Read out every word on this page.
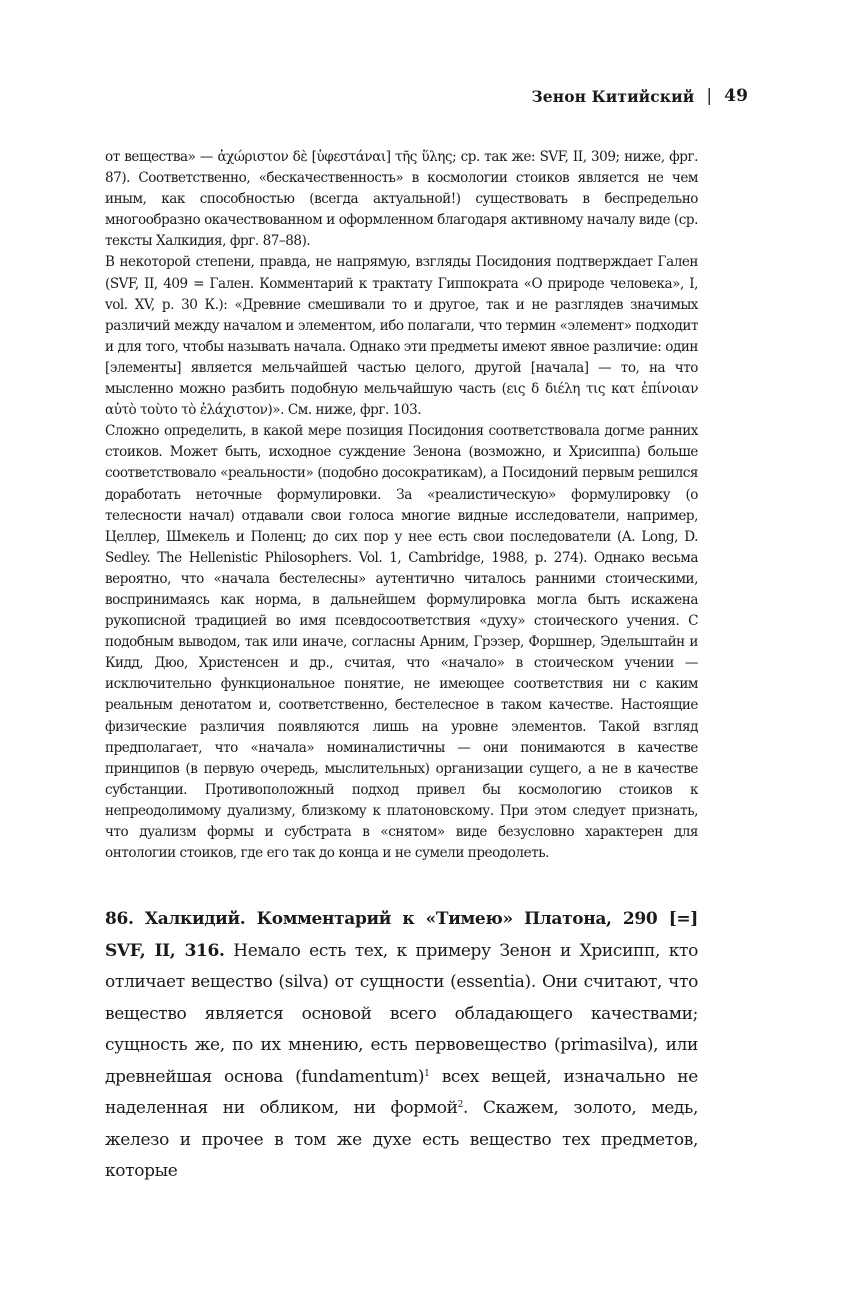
Зенон Китийский | 49

от вещества» — ἀχώριστον δὲ [ὑφεστάναι] τῆς ὕλης; ср. так же: SVF, II, 309; ниже, фрг. 87). Соответственно, «бескачественность» в космологии стоиков является не чем иным, как способностью (всегда актуальной!) существовать в беспредельно многообразно окачествованном и оформленном благодаря активному началу виде (ср. тексты Халкидия, фрг. 87–88).

В некоторой степени, правда, не напрямую, взгляды Посидония подтверждает Гален (SVF, II, 409 = Гален. Комментарий к трактату Гиппократа «О природе человека», I, vol. XV, p. 30 К.): «Древние смешивали то и другое, так и не разглядев значимых различий между началом и элементом, ибо полагали, что термин «элемент» подходит и для того, чтобы называть начала. Однако эти предметы имеют явное различие: один [элементы] является мельчайшей частью целого, другой [начала] — то, на что мысленно можно разбить подобную мельчайшую часть (εις δ διέλη τις κατ ἐπίνοιαν αὐτὸ τοὺτο τὸ ἐλάχιστον)». См. ниже, фрг. 103.

Сложно определить, в какой мере позиция Посидония соответствовала догме ранних стоиков. Может быть, исходное суждение Зенона (возможно, и Хрисиппа) больше соответствовало «реальности» (подобно досократикам), а Посидоний первым решился доработать неточные формулировки. За «реалистическую» формулировку (о телесности начал) отдавали свои голоса многие видные исследователи, например, Целлер, Шмекель и Поленц; до сих пор у нее есть свои последователи (A. Long, D. Sedley. The Hellenistic Philosophers. Vol. 1, Cambridge, 1988, p. 274). Однако весьма вероятно, что «начала бестелесны» аутентично читалось ранними стоическими, воспринимаясь как норма, в дальнейшем формулировка могла быть искажена рукописной традицией во имя псевдосоответствия «духу» стоического учения. С подобным выводом, так или иначе, согласны Арним, Грэзер, Форшнер, Эдельштайн и Кидд, Дюо, Христенсен и др., считая, что «начало» в стоическом учении — исключительно функциональное понятие, не имеющее соответствия ни с каким реальным денотатом и, соответственно, бестелесное в таком качестве. Настоящие физические различия появляются лишь на уровне элементов. Такой взгляд предполагает, что «начала» номиналистичны — они понимаются в качестве принципов (в первую очередь, мыслительных) организации сущего, а не в качестве субстанции. Противоположный подход привел бы космологию стоиков к непреодолимому дуализму, близкому к платоновскому. При этом следует признать, что дуализм формы и субстрата в «снятом» виде безусловно характерен для онтологии стоиков, где его так до конца и не сумели преодолеть.

86. Халкидий. Комментарий к «Тимею» Платона, 290 [=] SVF, II, 316. Немало есть тех, к примеру Зенон и Хрисипп, кто отличает вещество (silva) от сущности (essentia). Они считают, что вещество является основой всего обладающего качествами; сущность же, по их мнению, есть первовещество (primasilva), или древнейшая основа (fundamentum)$^1$ всех вещей, изначально не наделенная ни обликом, ни формой$^2$. Скажем, золото, медь, железо и прочее в том же духе есть вещество тех предметов, которые
